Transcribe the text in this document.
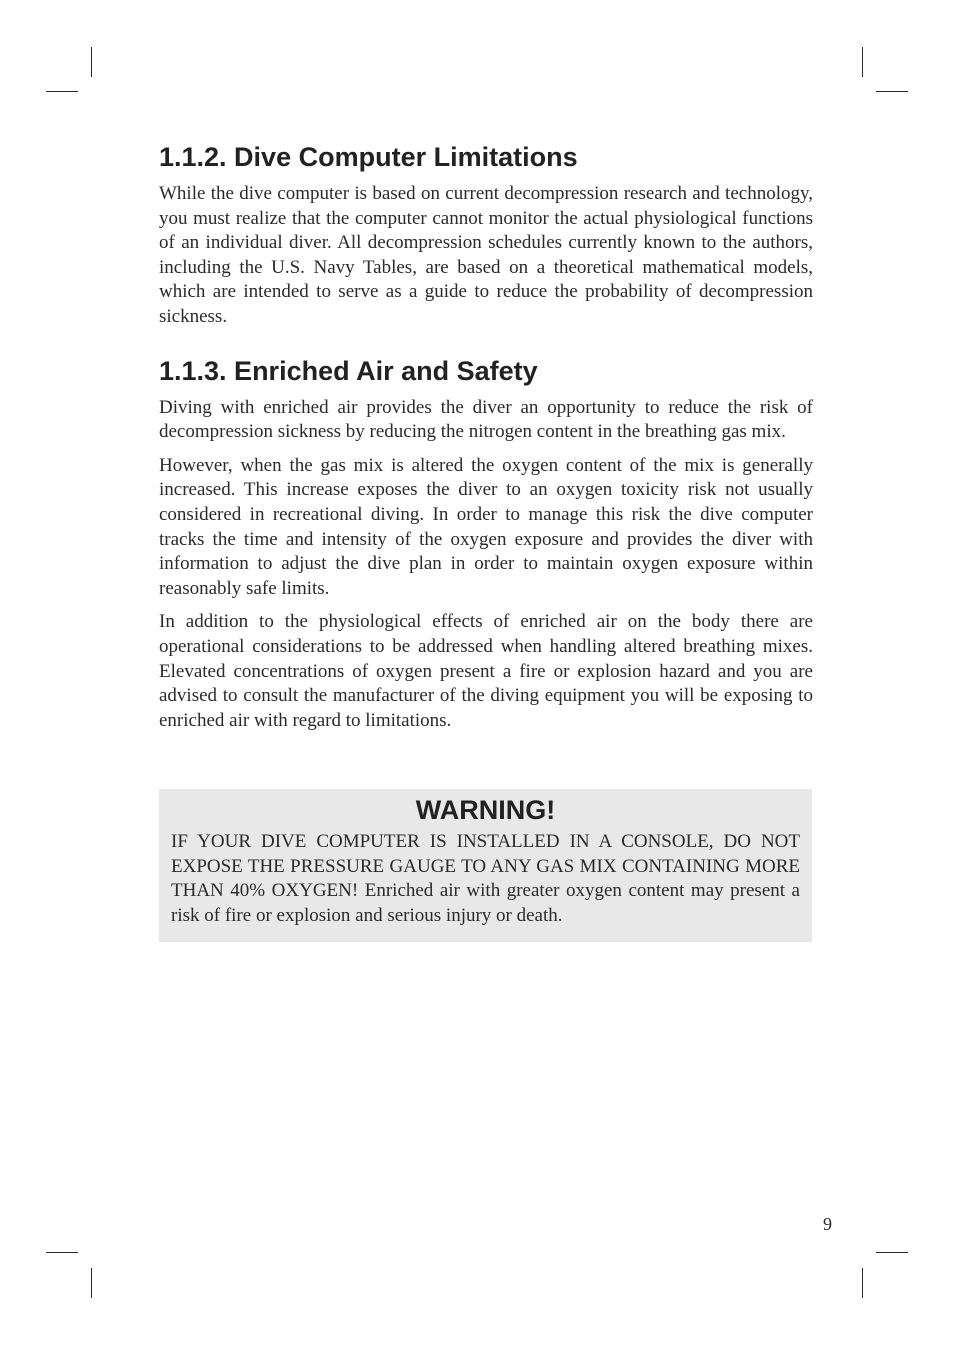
1.1.2. Dive Computer Limitations

While the dive computer is based on current decompression research and technology, you must realize that the computer cannot monitor the actual physiological functions of an individual diver. All decompression schedules currently known to the authors, including the U.S. Navy Tables, are based on a theoretical mathematical models, which are intended to serve as a guide to reduce the probability of decompression sickness.

1.1.3. Enriched Air and Safety

Diving with enriched air provides the diver an opportunity to reduce the risk of decompression sickness by reducing the nitrogen content in the breathing gas mix.

However, when the gas mix is altered the oxygen content of the mix is generally increased. This increase exposes the diver to an oxygen toxicity risk not usually considered in recreational diving. In order to manage this risk the dive computer tracks the time and intensity of the oxygen exposure and provides the diver with information to adjust the dive plan in order to maintain oxygen exposure within reasonably safe limits.

In addition to the physiological effects of enriched air on the body there are operational considerations to be addressed when handling altered breathing mixes. Elevated concentrations of oxygen present a fire or explosion hazard and you are advised to consult the manufacturer of the diving equipment you will be exposing to enriched air with regard to limitations.

WARNING!

IF YOUR DIVE COMPUTER IS INSTALLED IN A CONSOLE, DO NOT EXPOSE THE PRESSURE GAUGE TO ANY GAS MIX CONTAINING MORE THAN 40% OXYGEN! Enriched air with greater oxygen content may present a risk of fire or explosion and serious injury or death.

9
